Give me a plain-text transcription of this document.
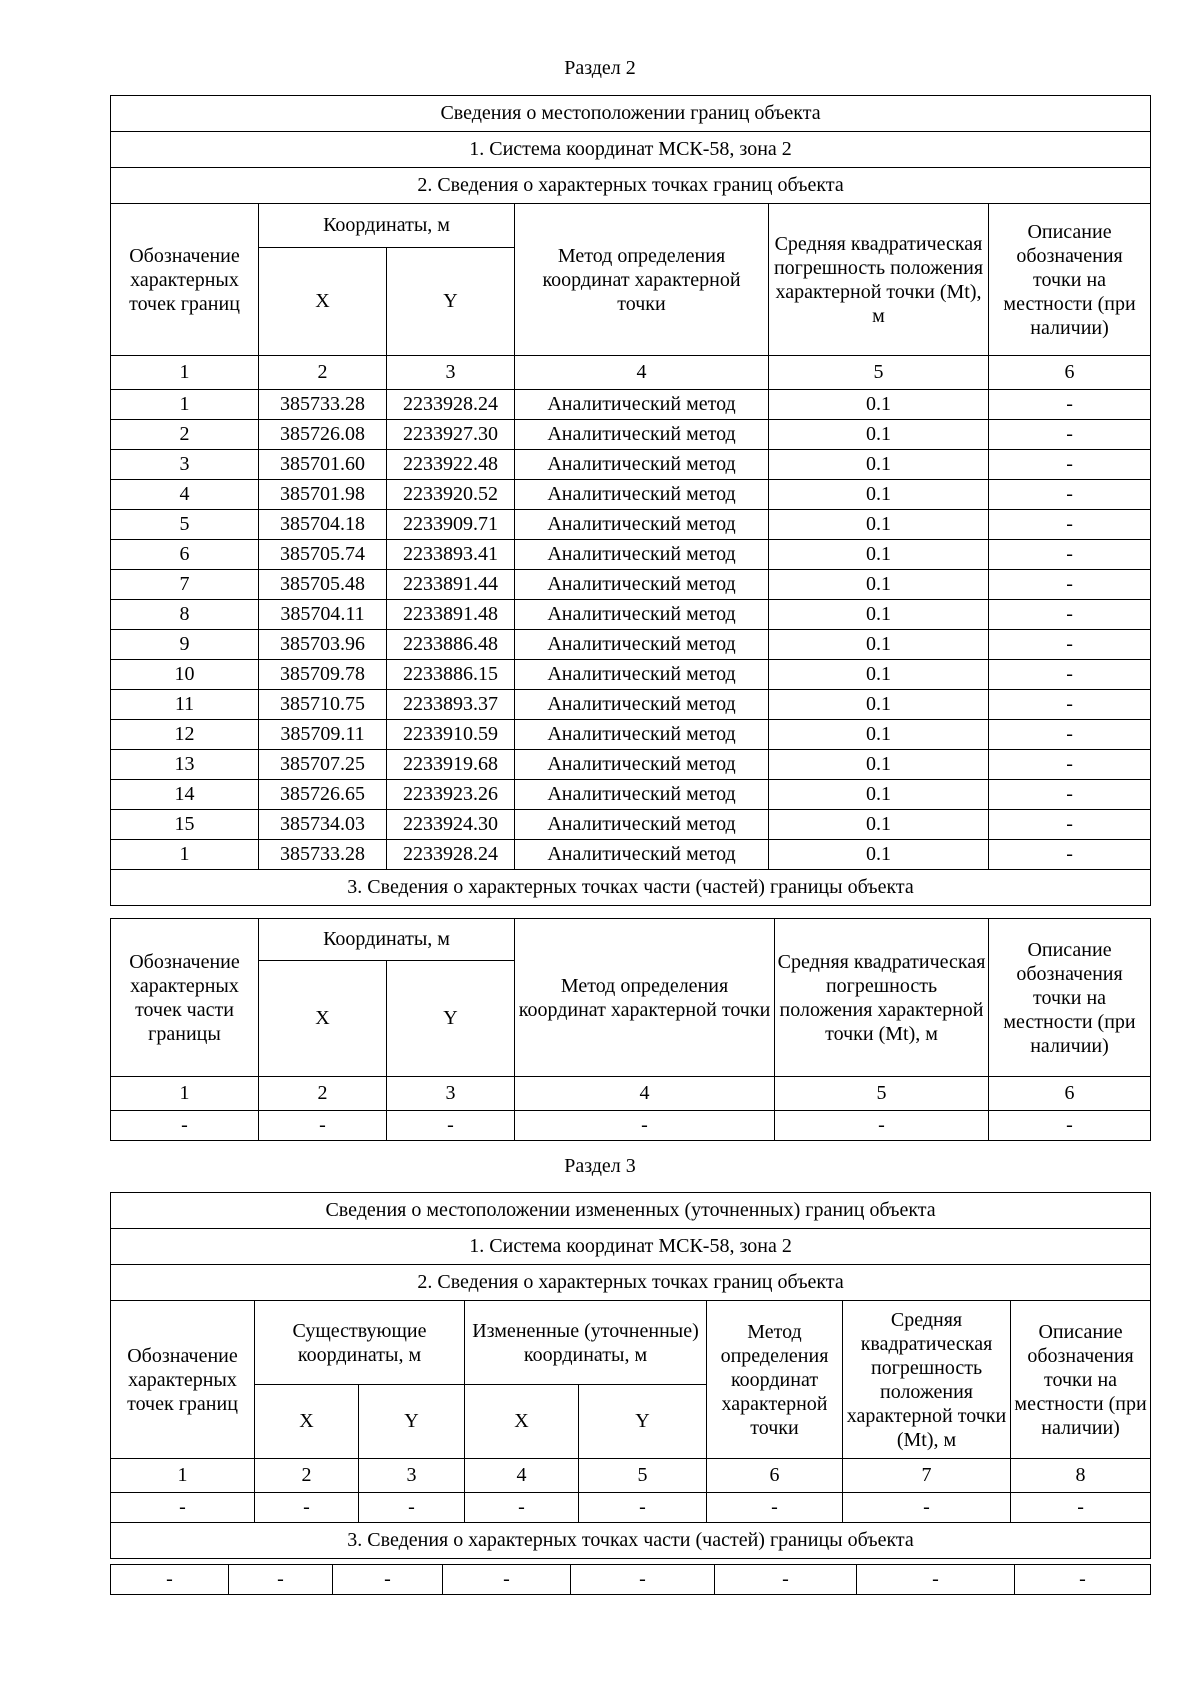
Раздел 2
Сведения о местоположении границ объекта					
1. Система координат МСК-58, зона 2					
2. Сведения о характерных точках границ объекта					
Обозначение характерных точек границ	Координаты, м		Метод определения координат характерной точки	Средняя квадратическая погрешность положения характерной точки (Mt), м	Описание обозначения точки на местности (при наличии)
	X	Y			
1	2	3	4	5	6
1	385733.28	2233928.24	Аналитический метод	0.1	-
2	385726.08	2233927.30	Аналитический метод	0.1	-
3	385701.60	2233922.48	Аналитический метод	0.1	-
4	385701.98	2233920.52	Аналитический метод	0.1	-
5	385704.18	2233909.71	Аналитический метод	0.1	-
6	385705.74	2233893.41	Аналитический метод	0.1	-
7	385705.48	2233891.44	Аналитический метод	0.1	-
8	385704.11	2233891.48	Аналитический метод	0.1	-
9	385703.96	2233886.48	Аналитический метод	0.1	-
10	385709.78	2233886.15	Аналитический метод	0.1	-
11	385710.75	2233893.37	Аналитический метод	0.1	-
12	385709.11	2233910.59	Аналитический метод	0.1	-
13	385707.25	2233919.68	Аналитический метод	0.1	-
14	385726.65	2233923.26	Аналитический метод	0.1	-
15	385734.03	2233924.30	Аналитический метод	0.1	-
1	385733.28	2233928.24	Аналитический метод	0.1	-
3. Сведения о характерных точках части (частей) границы объекта					
Обозначение характерных точек части границы	Координаты, м		Метод определения координат характерной точки	Средняя квадратическая погрешность положения характерной точки (Mt), м	Описание обозначения точки на местности (при наличии)
	X	Y			
1	2	3	4	5	6
-	-	-	-	-	-
Раздел 3
Сведения о местоположении измененных (уточненных) границ объекта							
1. Система координат МСК-58, зона 2							
2. Сведения о характерных точках границ объекта							
Обозначение характерных точек границ	Существующие координаты, м		Измененные (уточненные) координаты, м		Метод определения координат характерной точки	Средняя квадратическая погрешность положения характерной точки (Mt), м	Описание обозначения точки на местности (при наличии)
	X	Y	X	Y			
1	2	3	4	5	6	7	8
-	-	-	-	-	-	-	-
3. Сведения о характерных точках части (частей) границы объекта							
-	-	-	-	-	-	-	-
